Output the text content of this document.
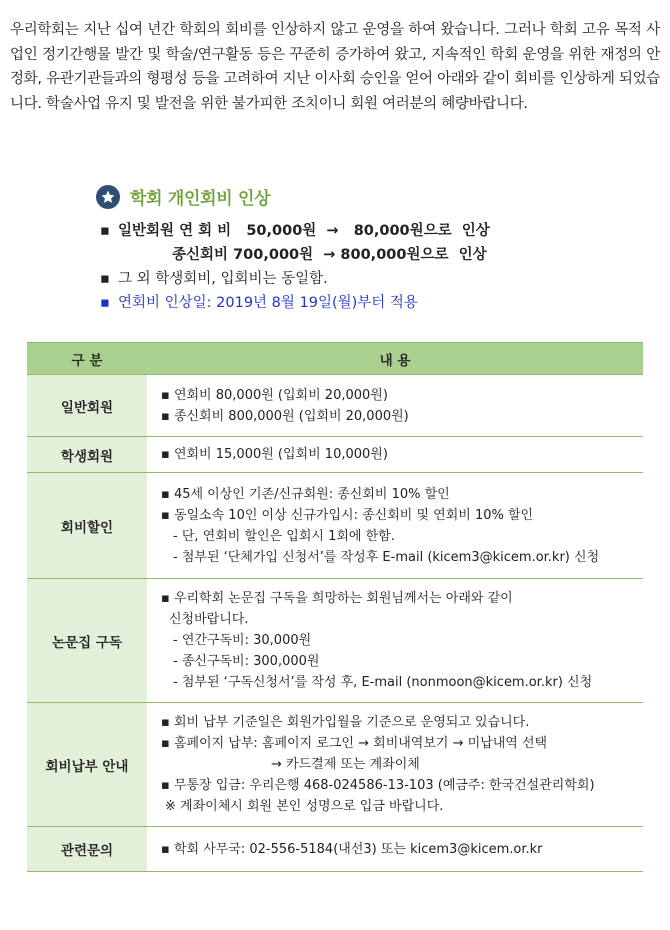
우리학회는 지난 십여 년간 학회의 회비를 인상하지 않고 운영을 하여 왔습니다. 그러나 학회 고유 목적 사업인 정기간행물 발간 및 학술/연구활동 등은 꾸준히 증가하여 왔고, 지속적인 학회 운영을 위한 재정의 안정화, 유관기관들과의 형평성 등을 고려하여 지난 이사회 승인을 얻어 아래와 같이 회비를 인상하게 되었습니다. 학술사업 유지 및 발전을 위한 불가피한 조치이니 회원 여러분의 혜량바랍니다.

학회 개인회비 인상
▪ 일반회원 연 회 비   50,000원  →   80,000원으로  인상
종신회비 700,000원  → 800,000원으로  인상
▪ 그 외 학생회비, 입회비는 동일함.
▪ 연회비 인상일: 2019년 8월 19일(월)부터 적용
구 분	내 용
일반회원	▪ 연회비 80,000원 (입회비 20,000원)
▪ 종신회비 800,000원 (입회비 20,000원)

학생회원	▪ 연회비 15,000원 (입회비 10,000원)

회비할인	▪ 45세 이상인 기존/신규회원: 종신회비 10% 할인
▪ 동일소속 10인 이상 신규가입시: 종신회비 및 연회비 10% 할인
- 단, 연회비 할인은 입회시 1회에 한함.
- 첨부된 ‘단체가입 신청서’를 작성후 E-mail (kicem3@kicem.or.kr) 신청

논문집 구독	▪ 우리학회 논문집 구독을 희망하는 회원님께서는 아래와 같이
신청바랍니다.
- 연간구독비: 30,000원
- 종신구독비: 300,000원
- 첨부된 ‘구독신청서’를 작성 후, E-mail (nonmoon@kicem.or.kr) 신청

회비납부 안내	▪ 회비 납부 기준일은 회원가입월을 기준으로 운영되고 있습니다.
▪ 홈페이지 납부: 홈페이지 로그인 → 회비내역보기 → 미납내역 선택
→ 카드결제 또는 계좌이체
▪ 무통장 입금: 우리은행 468-024586-13-103 (예금주: 한국건설관리학회)
※ 계좌이체시 회원 본인 성명으로 입금 바랍니다.

관련문의	▪ 학회 사무국: 02-556-5184(내선3) 또는 kicem3@kicem.or.kr
